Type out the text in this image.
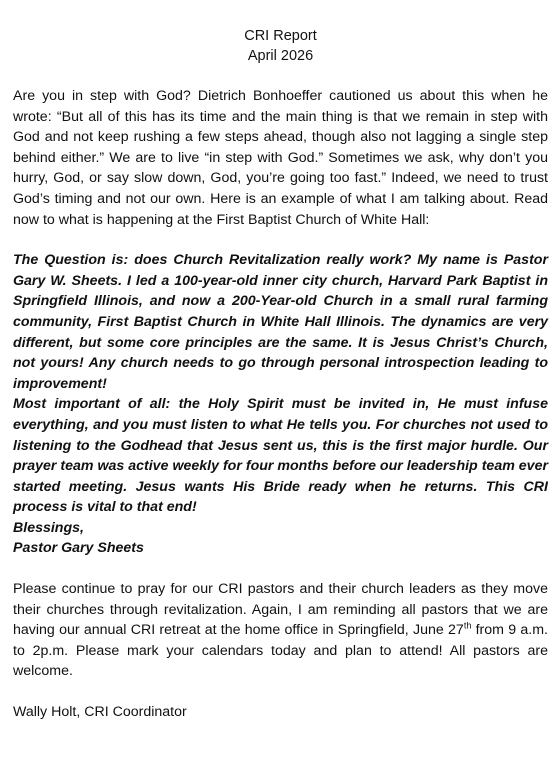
CRI Report
April 2026

Are you in step with God? Dietrich Bonhoeffer cautioned us about this when he wrote: “But all of this has its time and the main thing is that we remain in step with God and not keep rushing a few steps ahead, though also not lagging a single step behind either.” We are to live “in step with God.” Sometimes we ask, why don’t you hurry, God, or say slow down, God, you’re going too fast.” Indeed, we need to trust God’s timing and not our own. Here is an example of what I am talking about. Read now to what is happening at the First Baptist Church of White Hall:

The Question is: does Church Revitalization really work? My name is Pastor Gary W. Sheets. I led a 100-year-old inner city church, Harvard Park Baptist in Springfield Illinois, and now a 200-Year-old Church in a small rural farming community, First Baptist Church in White Hall Illinois. The dynamics are very different, but some core principles are the same. It is Jesus Christ’s Church, not yours! Any church needs to go through personal introspection leading to improvement!
Most important of all: the Holy Spirit must be invited in, He must infuse everything, and you must listen to what He tells you. For churches not used to listening to the Godhead that Jesus sent us, this is the first major hurdle. Our prayer team was active weekly for four months before our leadership team ever started meeting. Jesus wants His Bride ready when he returns. This CRI process is vital to that end!
Blessings,
Pastor Gary Sheets

Please continue to pray for our CRI pastors and their church leaders as they move their churches through revitalization. Again, I am reminding all pastors that we are having our annual CRI retreat at the home office in Springfield, June 27th from 9 a.m. to 2p.m. Please mark your calendars today and plan to attend! All pastors are welcome.

Wally Holt, CRI Coordinator
